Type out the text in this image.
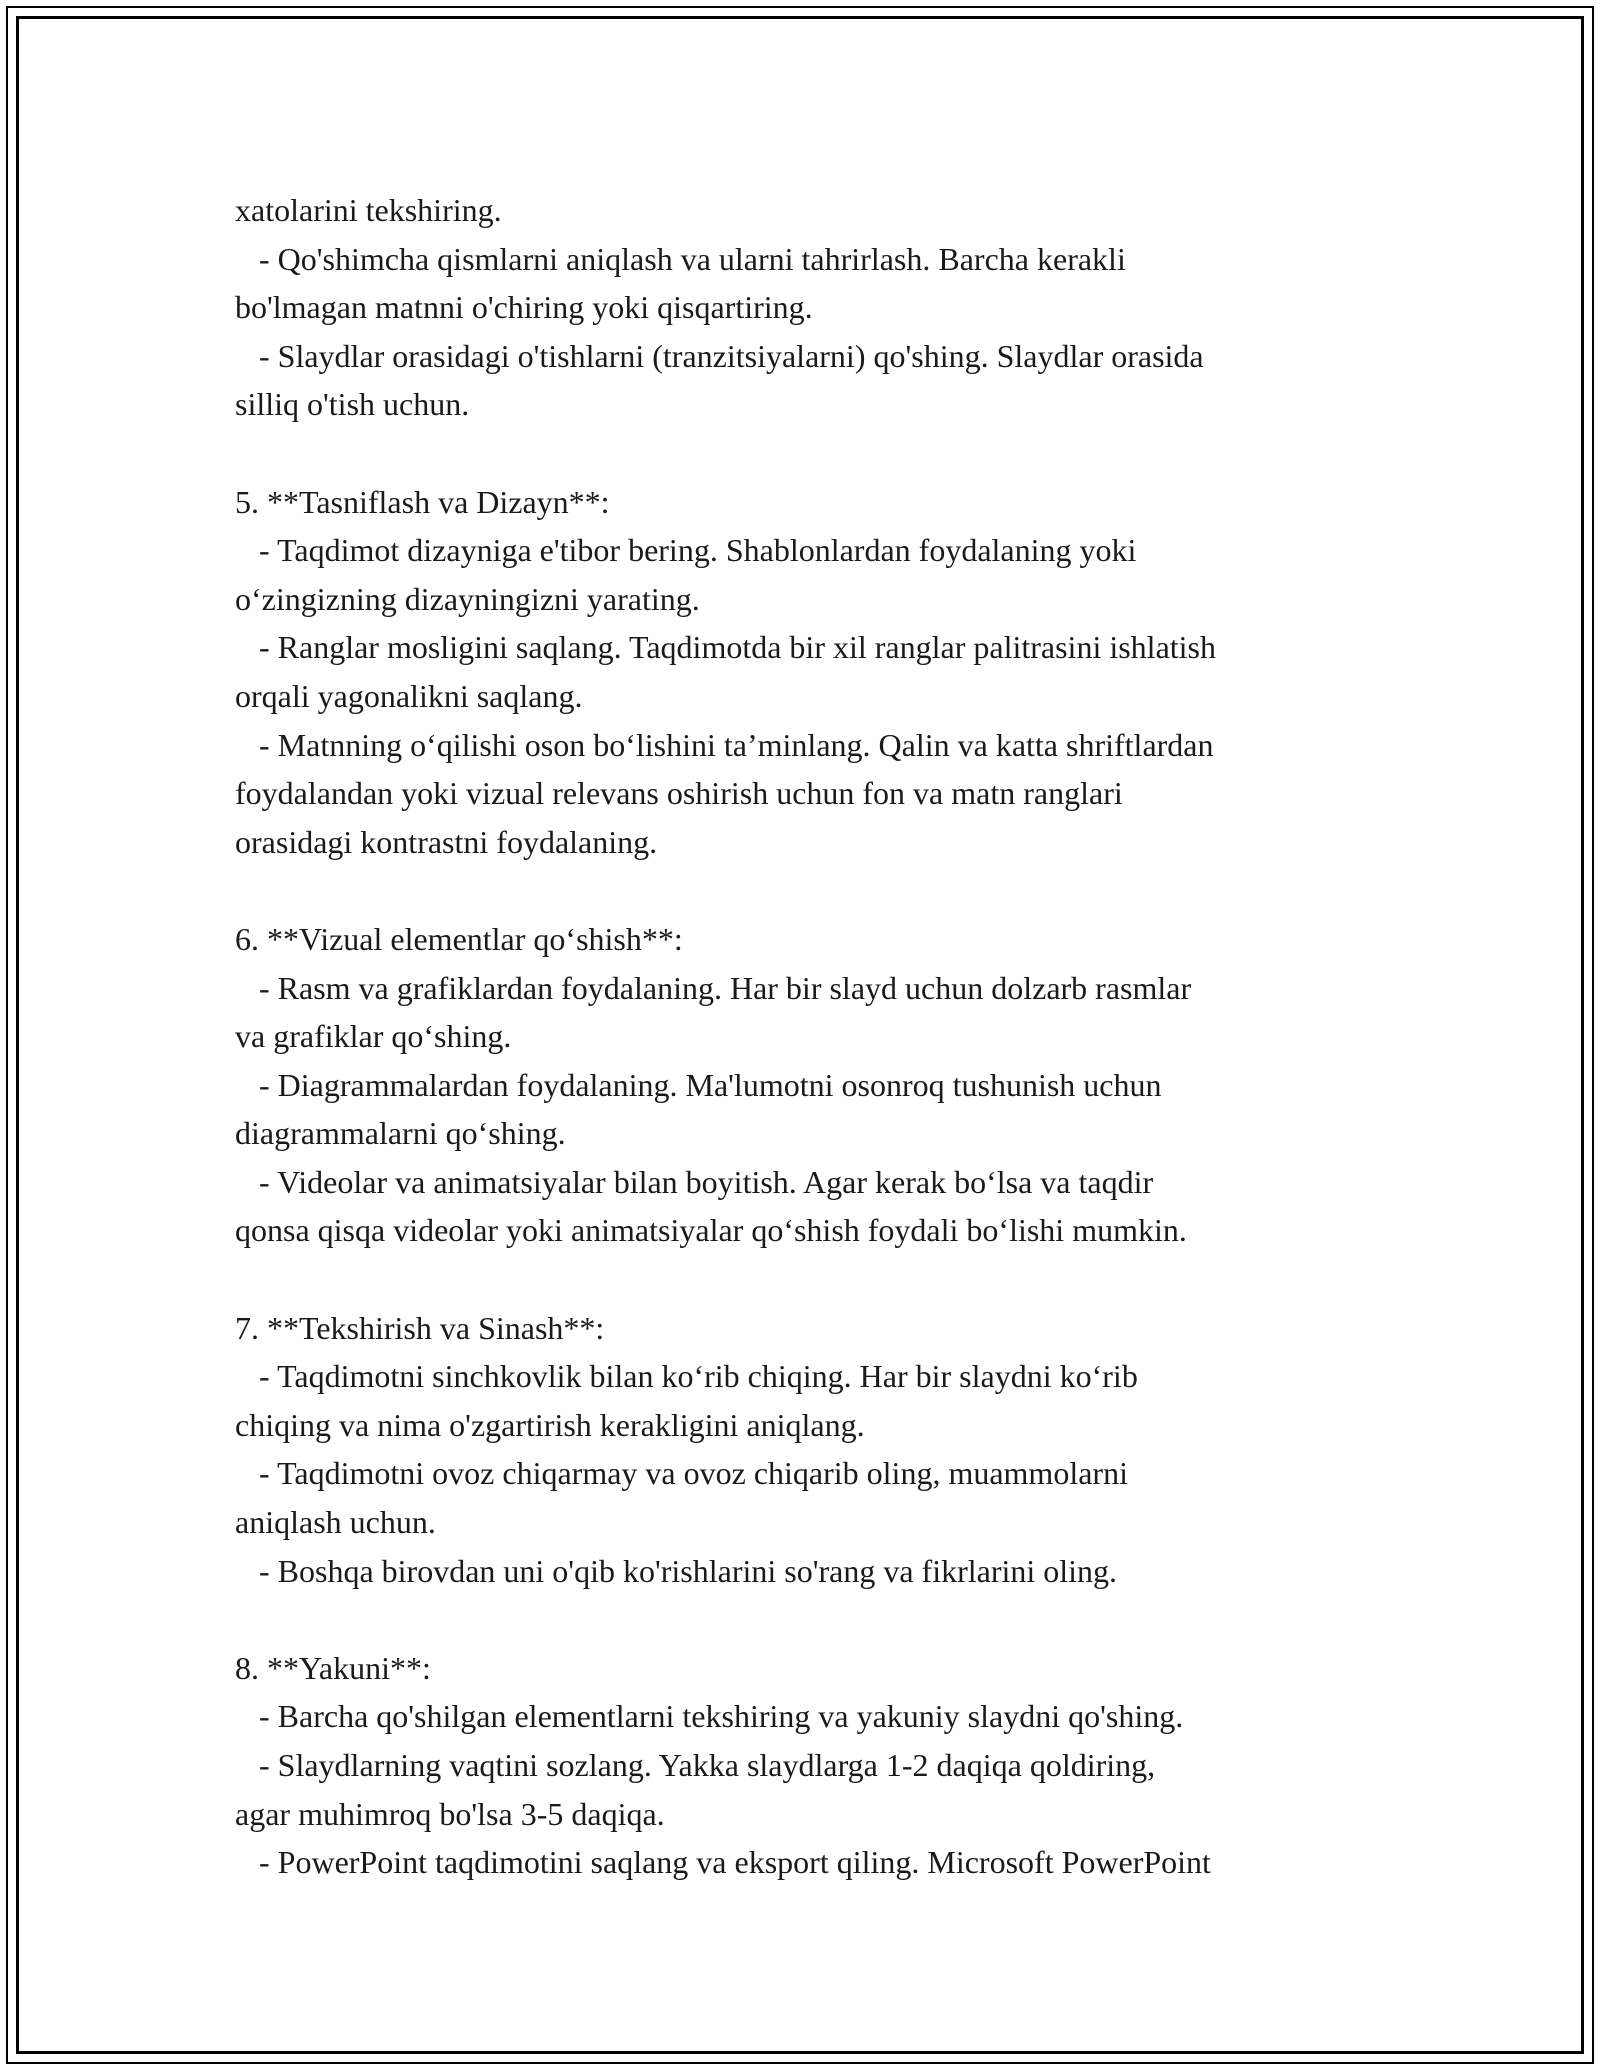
xatolarini tekshiring.
- Qo'shimcha qismlarni aniqlash va ularni tahrirlash. Barcha kerakli
bo'lmagan matnni o'chiring yoki qisqartiring.
- Slaydlar orasidagi o'tishlarni (tranzitsiyalarni) qo'shing. Slaydlar orasida
silliq o'tish uchun.
5. **Tasniflash va Dizayn**:
- Taqdimot dizayniga e'tibor bering. Shablonlardan foydalaning yoki
o‘zingizning dizayningizni yarating.
- Ranglar mosligini saqlang. Taqdimotda bir xil ranglar palitrasini ishlatish
orqali yagonalikni saqlang.
- Matnning o‘qilishi oson bo‘lishini ta’minlang. Qalin va katta shriftlardan
foydalandan yoki vizual relevans oshirish uchun fon va matn ranglari
orasidagi kontrastni foydalaning.
6. **Vizual elementlar qo‘shish**:
- Rasm va grafiklardan foydalaning. Har bir slayd uchun dolzarb rasmlar
va grafiklar qo‘shing.
- Diagrammalardan foydalaning. Ma'lumotni osonroq tushunish uchun
diagrammalarni qo‘shing.
- Videolar va animatsiyalar bilan boyitish. Agar kerak bo‘lsa va taqdir
qonsa qisqa videolar yoki animatsiyalar qo‘shish foydali bo‘lishi mumkin.
7. **Tekshirish va Sinash**:
- Taqdimotni sinchkovlik bilan ko‘rib chiqing. Har bir slaydni ko‘rib
chiqing va nima o'zgartirish kerakligini aniqlang.
- Taqdimotni ovoz chiqarmay va ovoz chiqarib oling, muammolarni
aniqlash uchun.
- Boshqa birovdan uni o'qib ko'rishlarini so'rang va fikrlarini oling.
8. **Yakuni**:
- Barcha qo'shilgan elementlarni tekshiring va yakuniy slaydni qo'shing.
- Slaydlarning vaqtini sozlang. Yakka slaydlarga 1-2 daqiqa qoldiring,
agar muhimroq bo'lsa 3-5 daqiqa.
- PowerPoint taqdimotini saqlang va eksport qiling. Microsoft PowerPoint
